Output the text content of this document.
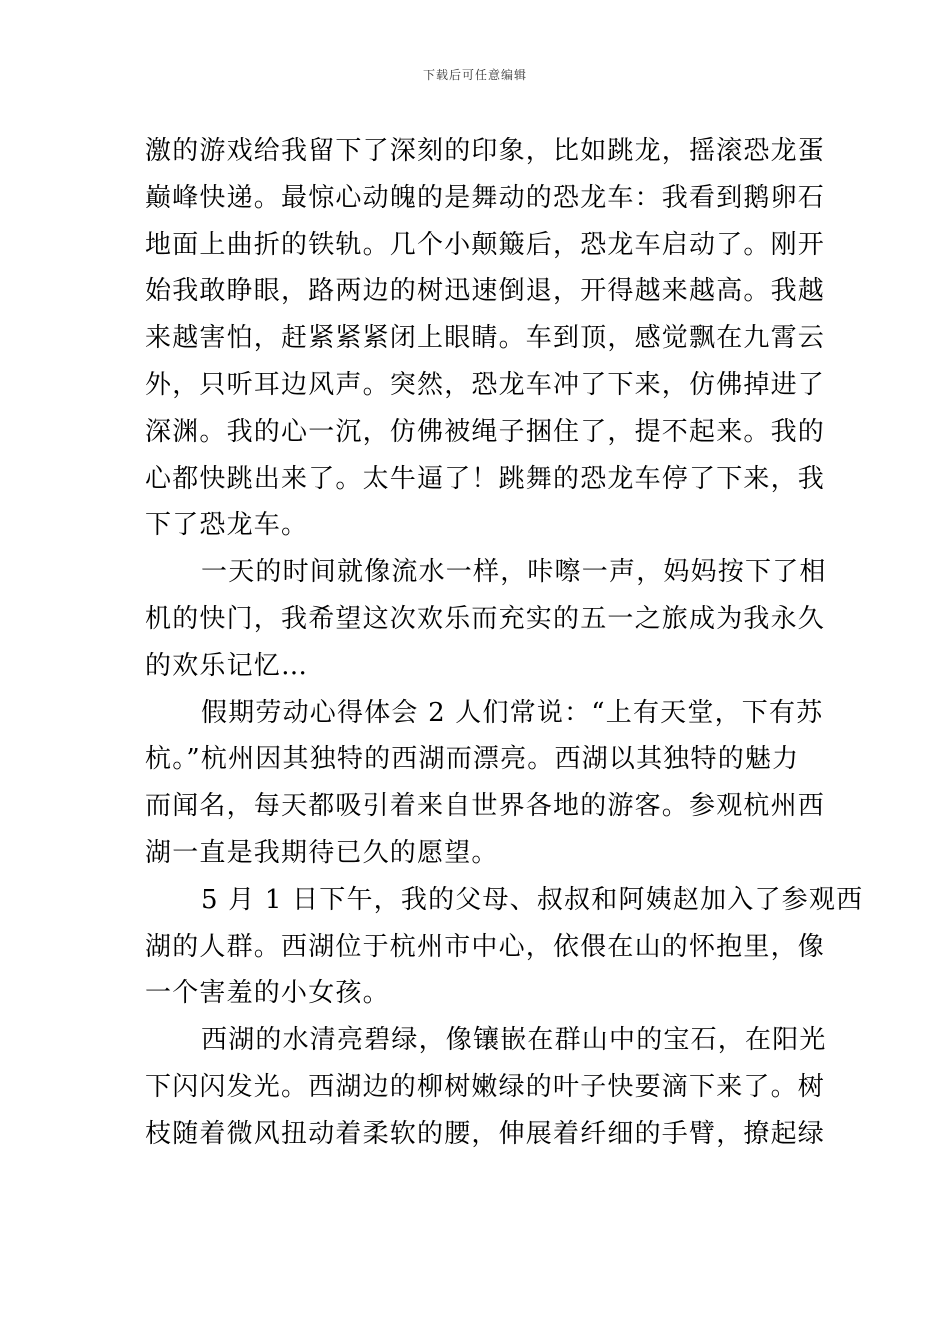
下载后可任意编辑
激的游戏给我留下了深刻的印象，比如跳龙，摇滚恐龙蛋
巅峰快递。最惊心动魄的是舞动的恐龙车：我看到鹅卵石
地面上曲折的铁轨。几个小颠簸后，恐龙车启动了。刚开
始我敢睁眼，路两边的树迅速倒退，开得越来越高。我越
来越害怕，赶紧紧紧闭上眼睛。车到顶，感觉飘在九霄云
外，只听耳边风声。突然，恐龙车冲了下来，仿佛掉进了
深渊。我的心一沉，仿佛被绳子捆住了，提不起来。我的
心都快跳出来了。太牛逼了！跳舞的恐龙车停了下来，我
下了恐龙车。
一天的时间就像流水一样，咔嚓一声，妈妈按下了相
机的快门，我希望这次欢乐而充实的五一之旅成为我永久
的欢乐记忆…
假期劳动心得体会 2 人们常说：“上有天堂，下有苏
杭。”杭州因其独特的西湖而漂亮。西湖以其独特的魅力
而闻名，每天都吸引着来自世界各地的游客。参观杭州西
湖一直是我期待已久的愿望。
5 月 1 日下午，我的父母、叔叔和阿姨赵加入了参观西
湖的人群。西湖位于杭州市中心，依偎在山的怀抱里，像
一个害羞的小女孩。
西湖的水清亮碧绿，像镶嵌在群山中的宝石，在阳光
下闪闪发光。西湖边的柳树嫩绿的叶子快要滴下来了。树
枝随着微风扭动着柔软的腰，伸展着纤细的手臂，撩起绿
